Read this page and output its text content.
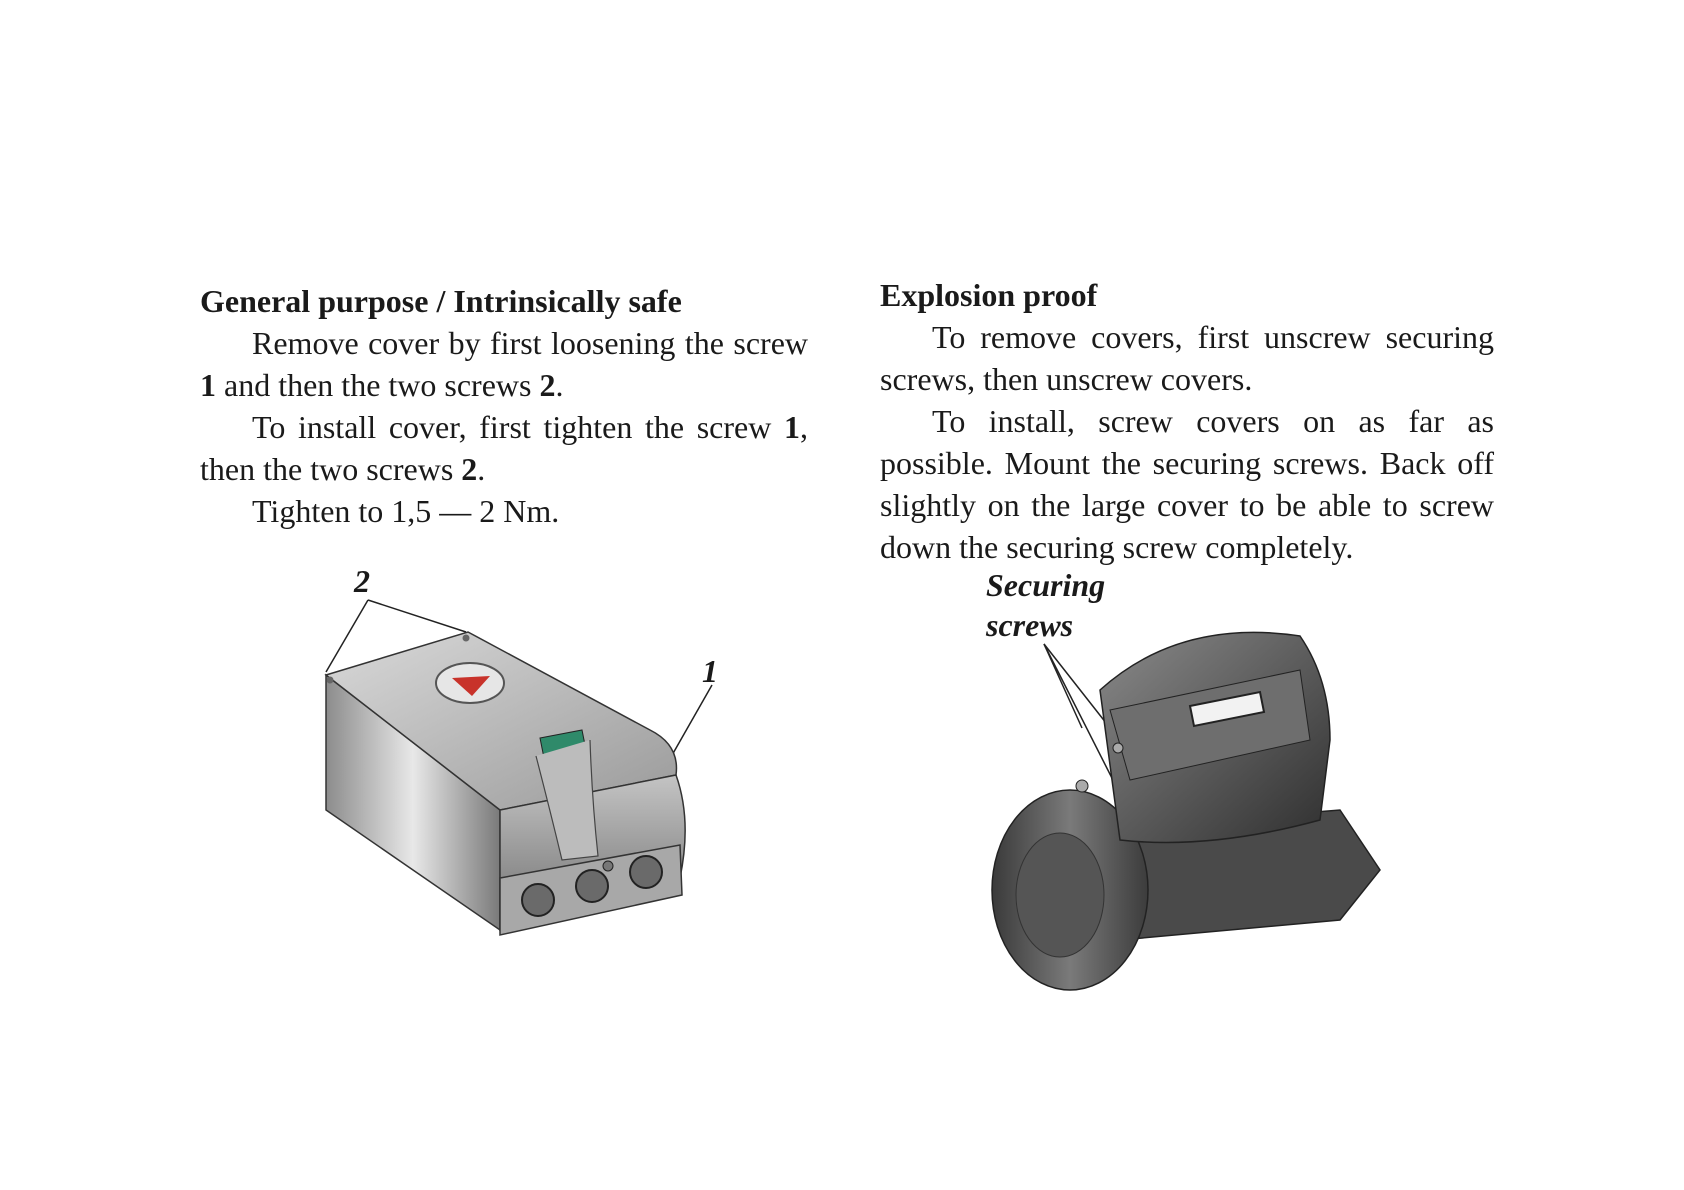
General purpose / Intrinsically safe

Remove cover by first loosening the screw 1 and then the two screws 2.

To install cover, first tighten the screw 1, then the two screws 2.

Tighten to 1,5 — 2 Nm.

Explosion proof

To remove covers, first unscrew securing screws, then unscrew covers.

To install, screw covers on as far as possible. Mount the securing screws. Back off slightly on the large cover to be able to screw down the securing screw completely.

2
1
Securing
screws
